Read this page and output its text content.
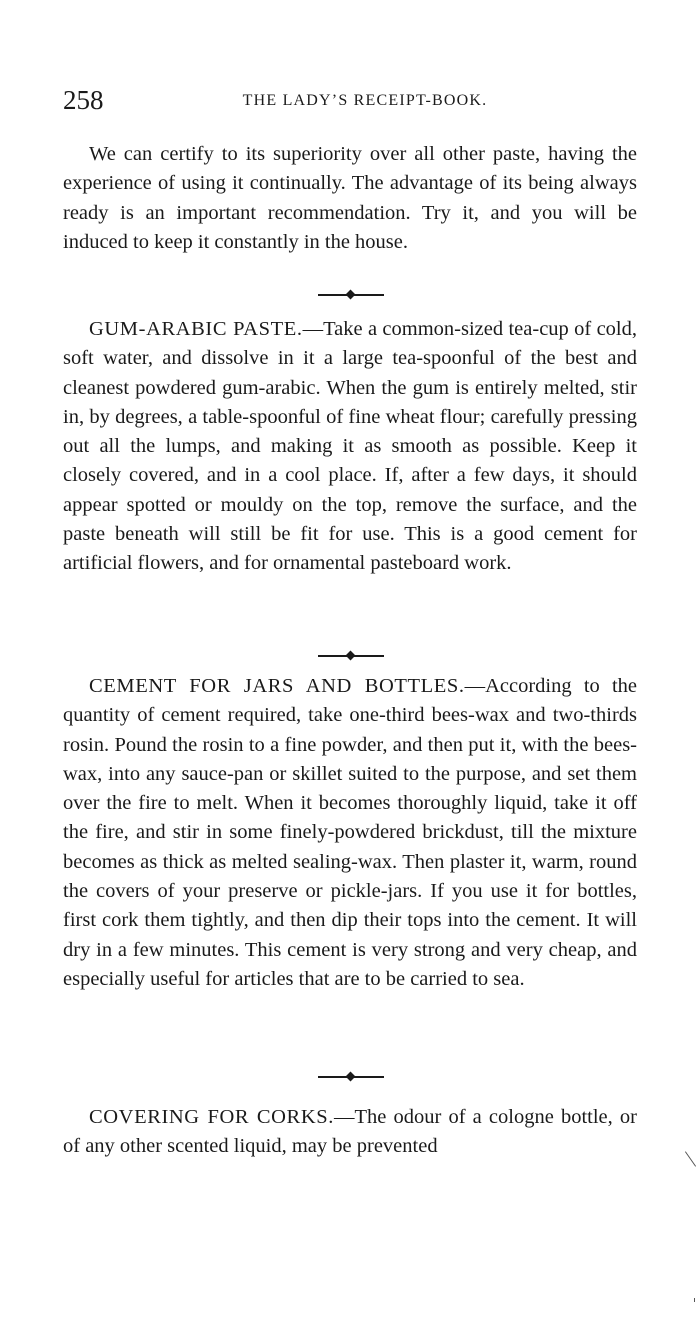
258	THE LADY’S RECEIPT-BOOK.

We can certify to its superiority over all other paste, having the experience of using it continually. The advantage of its being always ready is an important recommendation. Try it, and you will be induced to keep it constantly in the house.

GUM-ARABIC PASTE.—Take a common-sized tea-cup of cold, soft water, and dissolve in it a large tea-spoonful of the best and cleanest powdered gum-arabic. When the gum is entirely melted, stir in, by degrees, a table-spoonful of fine wheat flour; carefully pressing out all the lumps, and making it as smooth as possible. Keep it closely covered, and in a cool place. If, after a few days, it should appear spotted or mouldy on the top, remove the surface, and the paste beneath will still be fit for use. This is a good cement for artificial flowers, and for ornamental pasteboard work.

CEMENT FOR JARS AND BOTTLES.—According to the quantity of cement required, take one-third bees-wax and two-thirds rosin. Pound the rosin to a fine powder, and then put it, with the bees-wax, into any sauce-pan or skillet suited to the purpose, and set them over the fire to melt. When it becomes thoroughly liquid, take it off the fire, and stir in some finely-powdered brickdust, till the mixture becomes as thick as melted sealing-wax. Then plaster it, warm, round the covers of your preserve or pickle-jars. If you use it for bottles, first cork them tightly, and then dip their tops into the cement. It will dry in a few minutes. This cement is very strong and very cheap, and especially useful for articles that are to be carried to sea.

COVERING FOR CORKS.—The odour of a cologne bottle, or of any other scented liquid, may be prevented
